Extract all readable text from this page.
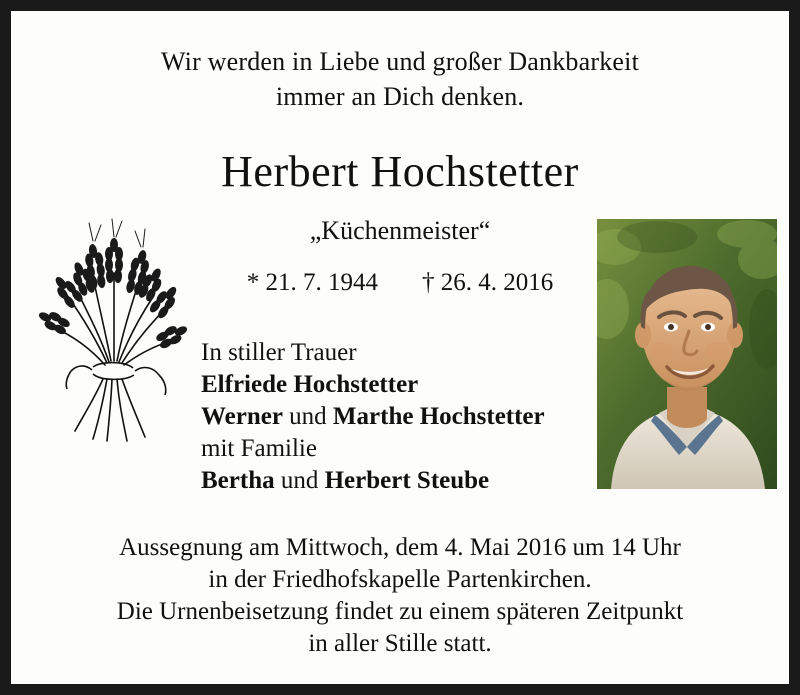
Wir werden in Liebe und großer Dankbarkeit
immer an Dich denken.
Herbert Hochstetter
„Küchenmeister“
* 21. 7. 1944 † 26. 4. 2016
In stiller Trauer
Elfriede Hochstetter
Werner und Marthe Hochstetter
mit Familie
Bertha und Herbert Steube
Aussegnung am Mittwoch, dem 4. Mai 2016 um 14 Uhr
in der Friedhofskapelle Partenkirchen.
Die Urnenbeisetzung findet zu einem späteren Zeitpunkt
in aller Stille statt.
